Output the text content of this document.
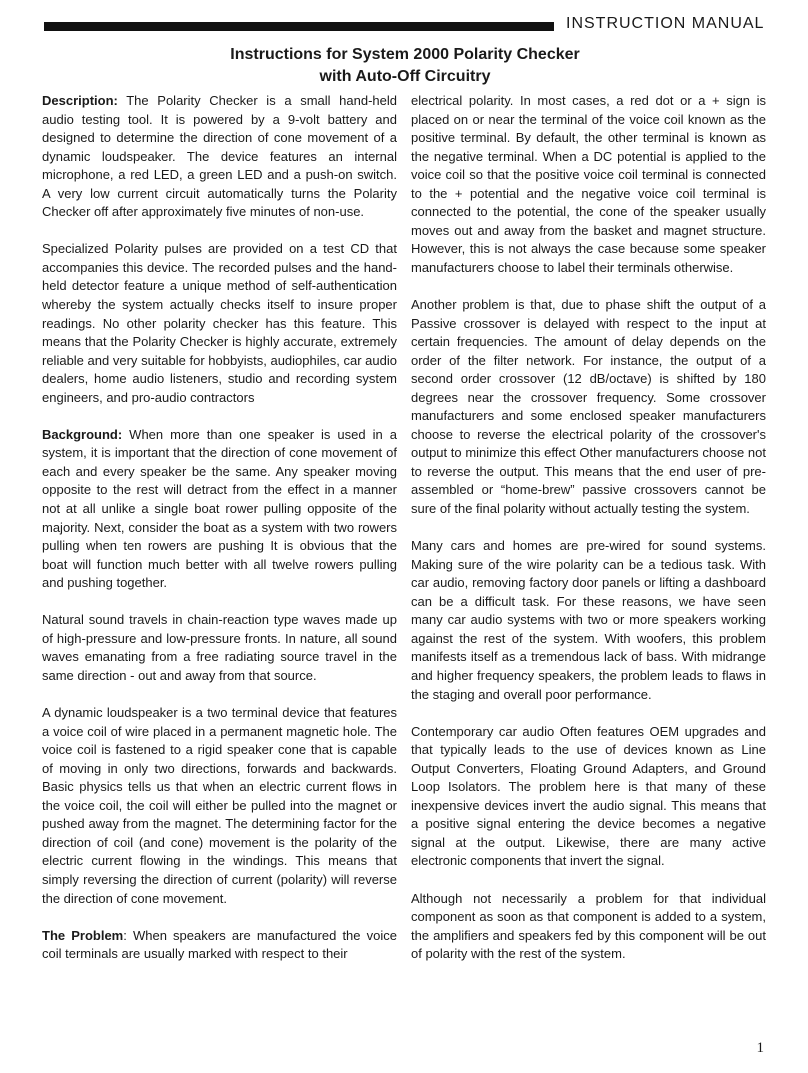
INSTRUCTION MANUAL
Instructions for System 2000 Polarity Checker
with Auto-Off Circuitry

Description: The Polarity Checker is a small hand-held audio testing tool. It is powered by a 9-volt battery and designed to determine the direction of cone movement of a dynamic loudspeaker. The device features an internal microphone, a red LED, a green LED and a push-on switch. A very low current circuit automatically turns the Polarity Checker off after approximately five minutes of non-use.

Specialized Polarity pulses are provided on a test CD that accompanies this device. The recorded pulses and the hand-held detector feature a unique method of self-authentication whereby the system actually checks itself to insure proper readings. No other polarity checker has this feature. This means that the Polarity Checker is highly accurate, extremely reliable and very suitable for hobbyists, audiophiles, car audio dealers, home audio listeners, studio and recording system engineers, and pro-audio contractors

Background: When more than one speaker is used in a system, it is important that the direction of cone movement of each and every speaker be the same. Any speaker moving opposite to the rest will detract from the effect in a manner not at all unlike a single boat rower pulling opposite of the majority. Next, consider the boat as a system with two rowers pulling when ten rowers are pushing It is obvious that the boat will function much better with all twelve rowers pulling and pushing together.

Natural sound travels in chain-reaction type waves made up of high-pressure and low-pressure fronts. In nature, all sound waves emanating from a free radiating source travel in the same direction - out and away from that source.

A dynamic loudspeaker is a two terminal device that features a voice coil of wire placed in a permanent magnetic hole. The voice coil is fastened to a rigid speaker cone that is capable of moving in only two directions, forwards and backwards. Basic physics tells us that when an electric current flows in the voice coil, the coil will either be pulled into the magnet or pushed away from the magnet. The determining factor for the direction of coil (and cone) movement is the polarity of the electric current flowing in the windings. This means that simply reversing the direction of current (polarity) will reverse the direction of cone movement.

The Problem: When speakers are manufactured the voice coil terminals are usually marked with respect to their

electrical polarity. In most cases, a red dot or a + sign is placed on or near the terminal of the voice coil known as the positive terminal. By default, the other terminal is known as the negative terminal. When a DC potential is applied to the voice coil so that the positive voice coil terminal is connected to the + potential and the negative voice coil terminal is connected to the potential, the cone of the speaker usually moves out and away from the basket and magnet structure. However, this is not always the case because some speaker manufacturers choose to label their terminals otherwise.

Another problem is that, due to phase shift the output of a Passive crossover is delayed with respect to the input at certain frequencies. The amount of delay depends on the order of the filter network. For instance, the output of a second order crossover (12 dB/octave) is shifted by 180 degrees near the crossover frequency. Some crossover manufacturers and some enclosed speaker manufacturers choose to reverse the electrical polarity of the crossover's output to minimize this effect Other manufacturers choose not to reverse the output. This means that the end user of pre-assembled or “home-brew” passive crossovers cannot be sure of the final polarity without actually testing the system.

Many cars and homes are pre-wired for sound systems. Making sure of the wire polarity can be a tedious task. With car audio, removing factory door panels or lifting a dashboard can be a difficult task. For these reasons, we have seen many car audio systems with two or more speakers working against the rest of the system. With woofers, this problem manifests itself as a tremendous lack of bass. With midrange and higher frequency speakers, the problem leads to flaws in the staging and overall poor performance.

Contemporary car audio Often features OEM upgrades and that typically leads to the use of devices known as Line Output Converters, Floating Ground Adapters, and Ground Loop Isolators. The problem here is that many of these inexpensive devices invert the audio signal. This means that a positive signal entering the device becomes a negative signal at the output. Likewise, there are many active electronic components that invert the signal.

Although not necessarily a problem for that individual component as soon as that component is added to a system, the amplifiers and speakers fed by this component will be out of polarity with the rest of the system.

1
